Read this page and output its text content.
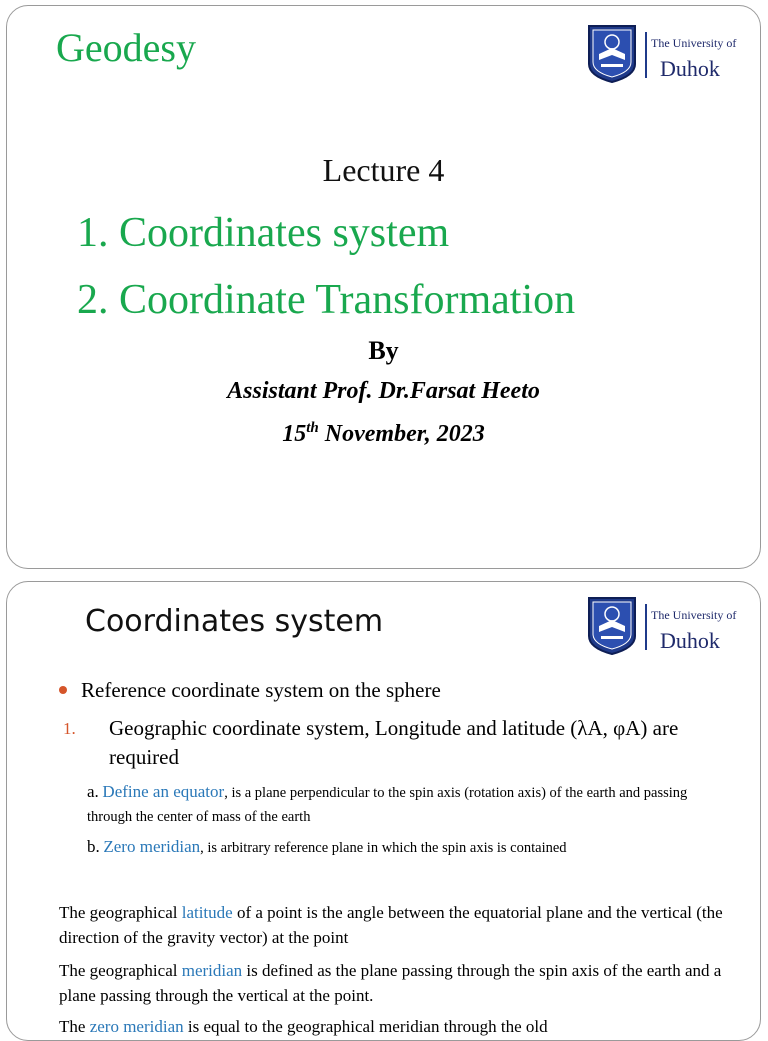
Geodesy	The University of
Duhok
Lecture 4
1. Coordinates system
2. Coordinate Transformation
By
Assistant Prof. Dr.Farsat Heeto
15th November, 2023
Coordinates system	The University of
Duhok
Reference coordinate system on the sphere
1. Geographic coordinate system, Longitude and latitude (λA, φA) are required
a. Define an equator, is a plane perpendicular to the spin axis (rotation axis) of the earth and passing through the center of mass of the earth
b. Zero meridian, is arbitrary reference plane in which the spin axis is contained
The geographical latitude of a point is the angle between the equatorial plane and the vertical (the direction of the gravity vector) at the point
The geographical meridian is defined as the plane passing through the spin axis of the earth and a plane passing through the vertical at the point.
The zero meridian is equal to the geographical meridian through the old
